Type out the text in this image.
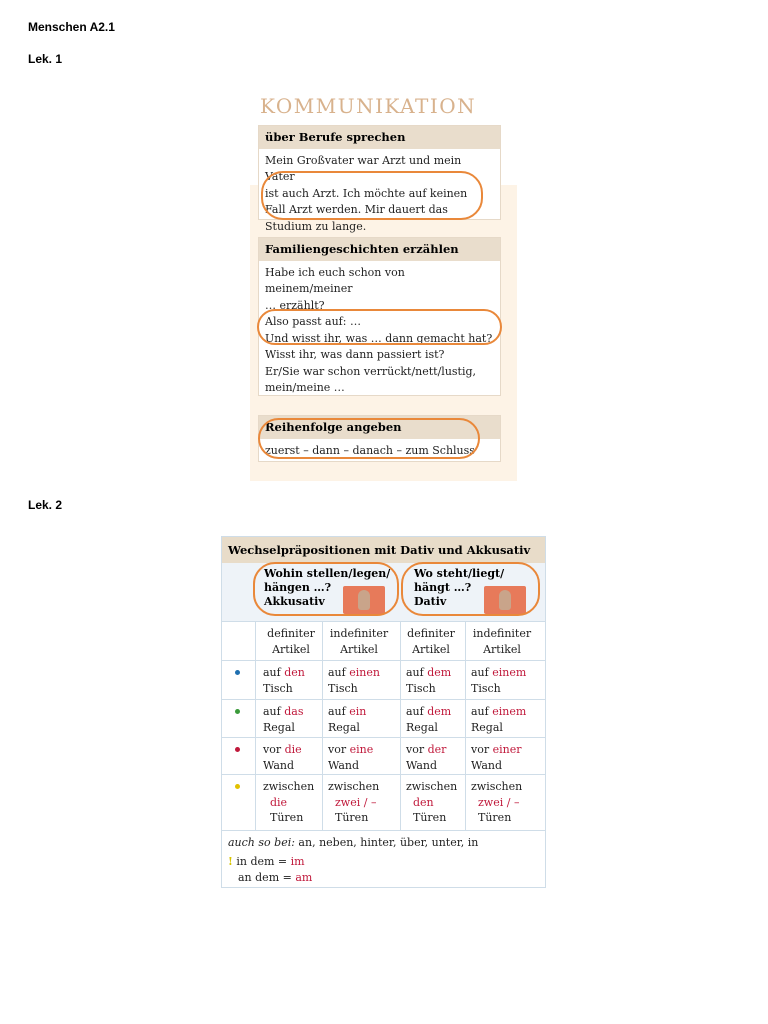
Menschen A2.1
Lek. 1
Lek. 2
KOMMUNIKATION
über Berufe sprechen
Mein Großvater war Arzt und mein Vater
ist auch Arzt. Ich möchte auf keinen
Fall Arzt werden. Mir dauert das
Studium zu lange.
Familiengeschichten erzählen
Habe ich euch schon von meinem/meiner
… erzählt?
Also passt auf: …
Und wisst ihr, was … dann gemacht hat?
Wisst ihr, was dann passiert ist?
Er/Sie war schon verrückt/nett/lustig,
mein/meine …
Reihenfolge angeben
zuerst – dann – danach – zum Schluss
Wechselpräpositionen mit Dativ und Akkusativ
Wohin stellen/legen/
hängen …?
Akkusativ
Wo steht/liegt/
hängt …?
Dativ
definiter
Artikel
indefiniter
Artikel
definiter
Artikel
indefiniter
Artikel
auf den
Tisch
auf einen
Tisch
auf dem
Tisch
auf einem
Tisch
auf das
Regal
auf ein
Regal
auf dem
Regal
auf einem
Regal
vor die
Wand
vor eine
Wand
vor der
Wand
vor einer
Wand
zwischen
die
Türen
zwischen
zwei / –
Türen
zwischen
den
Türen
zwischen
zwei / –
Türen
auch so bei: an, neben, hinter, über, unter, in
! in dem = im
an dem = am
